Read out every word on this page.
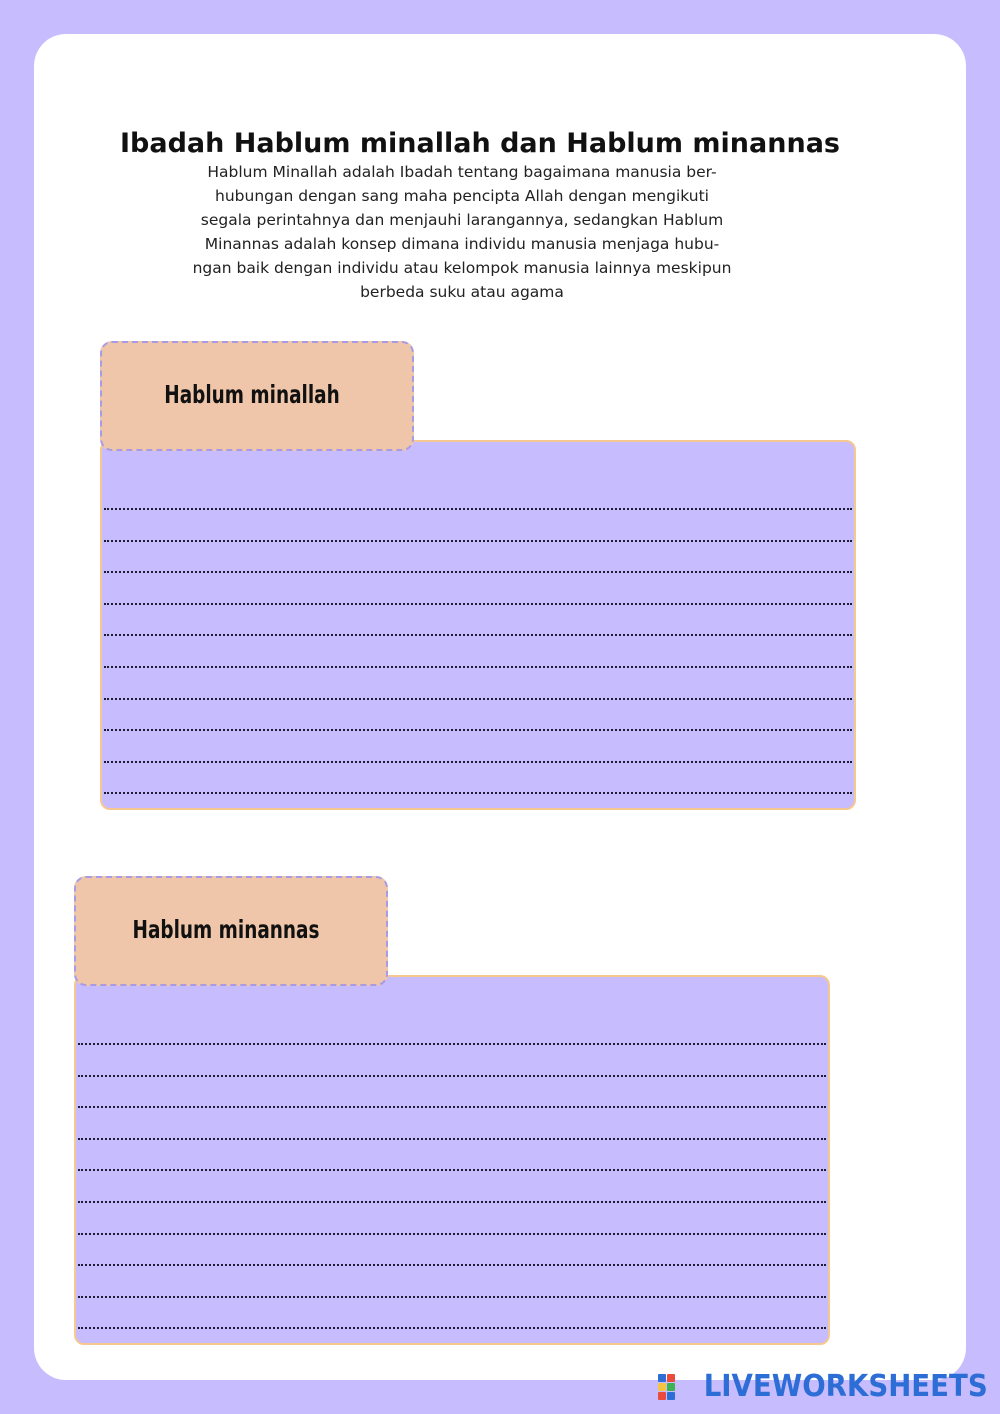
Ibadah Hablum minallah dan Hablum minannas
Hablum Minallah adalah Ibadah tentang bagaimana manusia ber-
hubungan dengan sang maha pencipta Allah dengan mengikuti
segala perintahnya dan menjauhi larangannya, sedangkan Hablum
Minannas adalah konsep dimana individu manusia menjaga hubu-
ngan baik dengan individu atau kelompok manusia lainnya meskipun
berbeda suku atau agama
Hablum minallah
Hablum minannas
LIVEWORKSHEETS
